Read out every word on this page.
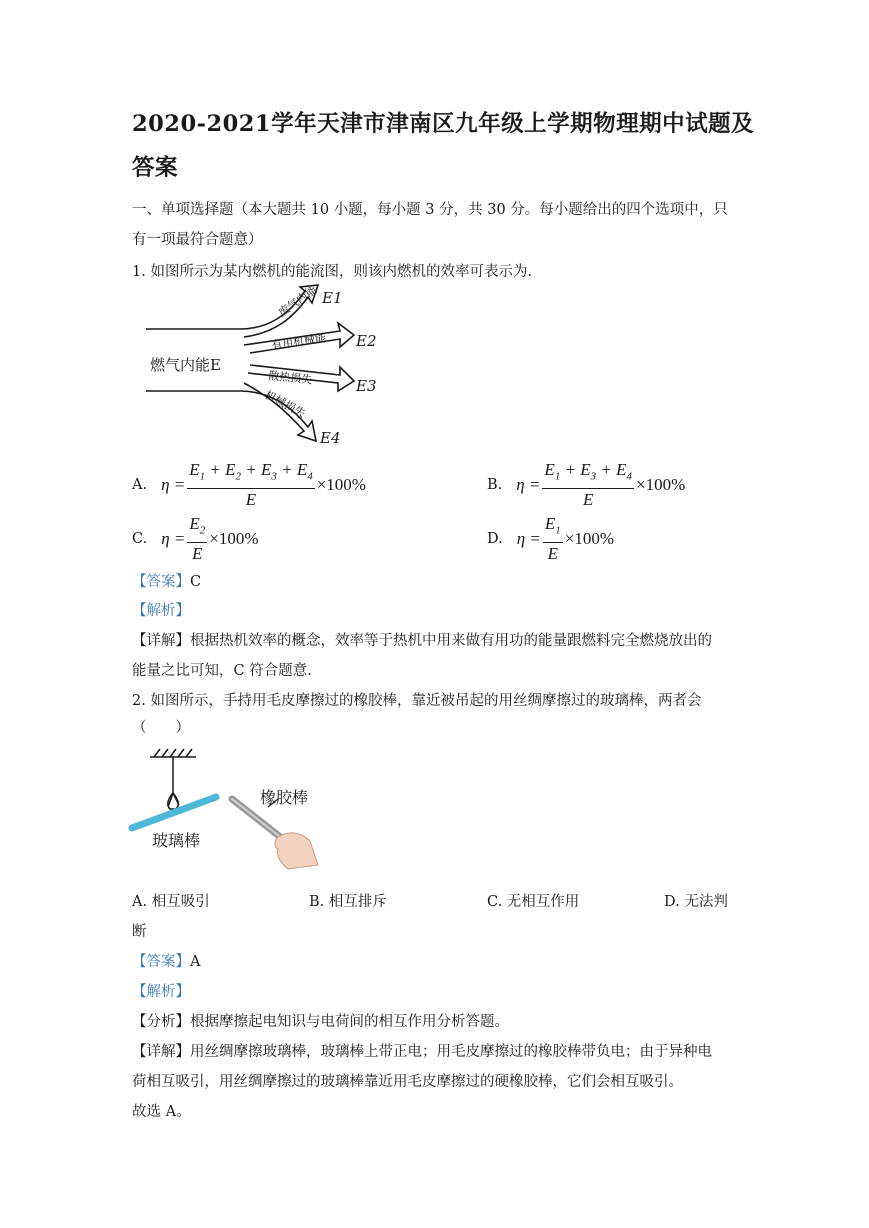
2020-2021学年天津市津南区九年级上学期物理期中试题及
答案
一、单项选择题（本大题共 10 小题，每小题 3 分，共 30 分。每小题给出的四个选项中，只
有一项最符合题意）
1. 如图所示为某内燃机的能流图，则该内燃机的效率可表示为．
废气内能
有用机械能
散热损失
机械损失
燃气内能E
E1
E2
E3
E4
A. $\eta = \frac{E_1 + E_2 + E_3 + E_4}{E} \times 100\%$	B. $\eta = \frac{E_1 + E_3 + E_4}{E} \times 100\%$
C. $\eta = \frac{E_2}{E} \times 100\%$	D. $\eta = \frac{E_1}{E} \times 100\%$
【答案】C
【解析】
【详解】根据热机效率的概念，效率等于热机中用来做有用功的能量跟燃料完全燃烧放出的
能量之比可知，C 符合题意．
2. 如图所示，手持用毛皮摩擦过的橡胶棒，靠近被吊起的用丝绸摩擦过的玻璃棒，两者会
（　　）
橡胶棒
玻璃棒
A. 相互吸引	B. 相互排斥	C. 无相互作用	D. 无法判
断
【答案】A
【解析】
【分析】根据摩擦起电知识与电荷间的相互作用分析答题。
【详解】用丝绸摩擦玻璃棒，玻璃棒上带正电；用毛皮摩擦过的橡胶棒带负电；由于异种电
荷相互吸引，用丝绸摩擦过的玻璃棒靠近用毛皮摩擦过的硬橡胶棒，它们会相互吸引。
故选 A。
